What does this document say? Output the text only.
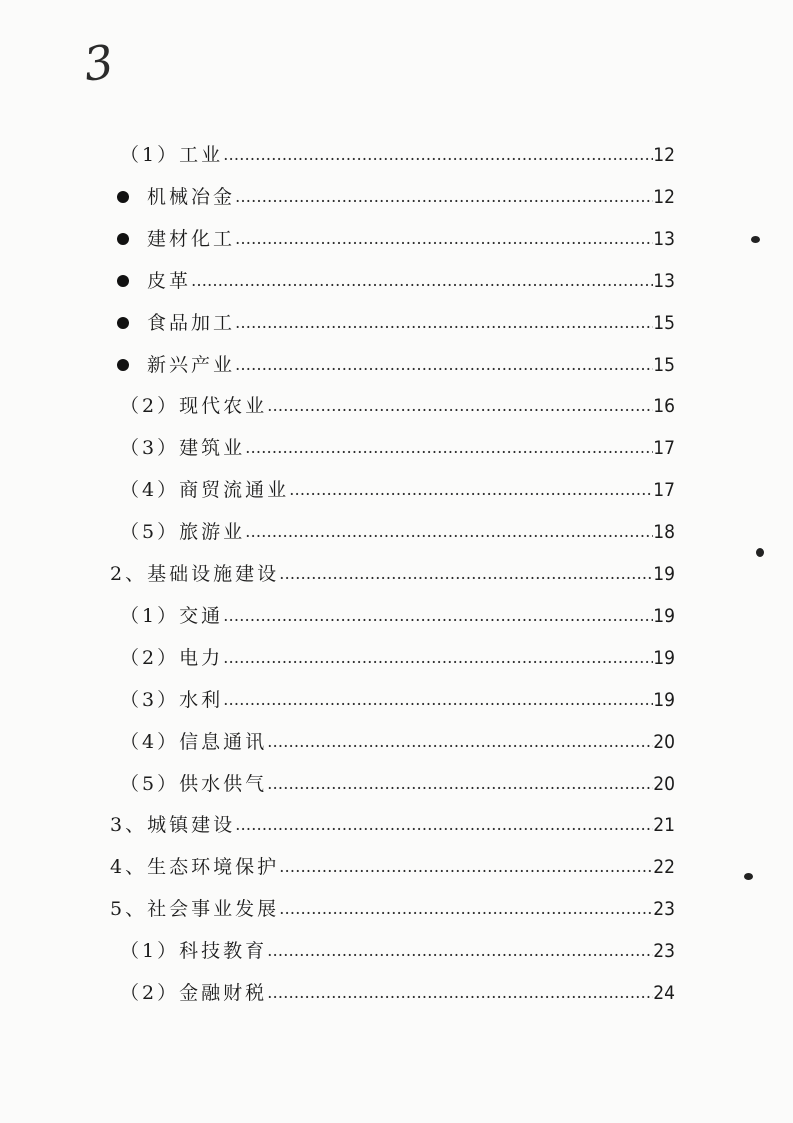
3
（1）工业 ……………………………………………………………………………………………………………………………………………………………………	12
机械冶金 ……………………………………………………………………………………………………………………………………………………………………	12
建材化工 ……………………………………………………………………………………………………………………………………………………………………	13
皮革 ……………………………………………………………………………………………………………………………………………………………………	13
食品加工 ……………………………………………………………………………………………………………………………………………………………………	15
新兴产业 ……………………………………………………………………………………………………………………………………………………………………	15
（2）现代农业 ……………………………………………………………………………………………………………………………………………………………………	16
（3）建筑业 ……………………………………………………………………………………………………………………………………………………………………	17
（4）商贸流通业 ……………………………………………………………………………………………………………………………………………………………………	17
（5）旅游业 ……………………………………………………………………………………………………………………………………………………………………	18
2、基础设施建设 ……………………………………………………………………………………………………………………………………………………………………	19
（1）交通 ……………………………………………………………………………………………………………………………………………………………………	19
（2）电力 ……………………………………………………………………………………………………………………………………………………………………	19
（3）水利 ……………………………………………………………………………………………………………………………………………………………………	19
（4）信息通讯 ……………………………………………………………………………………………………………………………………………………………………	20
（5）供水供气 ……………………………………………………………………………………………………………………………………………………………………	20
3、城镇建设 ……………………………………………………………………………………………………………………………………………………………………	21
4、生态环境保护 ……………………………………………………………………………………………………………………………………………………………………	22
5、社会事业发展 ……………………………………………………………………………………………………………………………………………………………………	23
（1）科技教育 ……………………………………………………………………………………………………………………………………………………………………	23
（2）金融财税 ……………………………………………………………………………………………………………………………………………………………………	24
